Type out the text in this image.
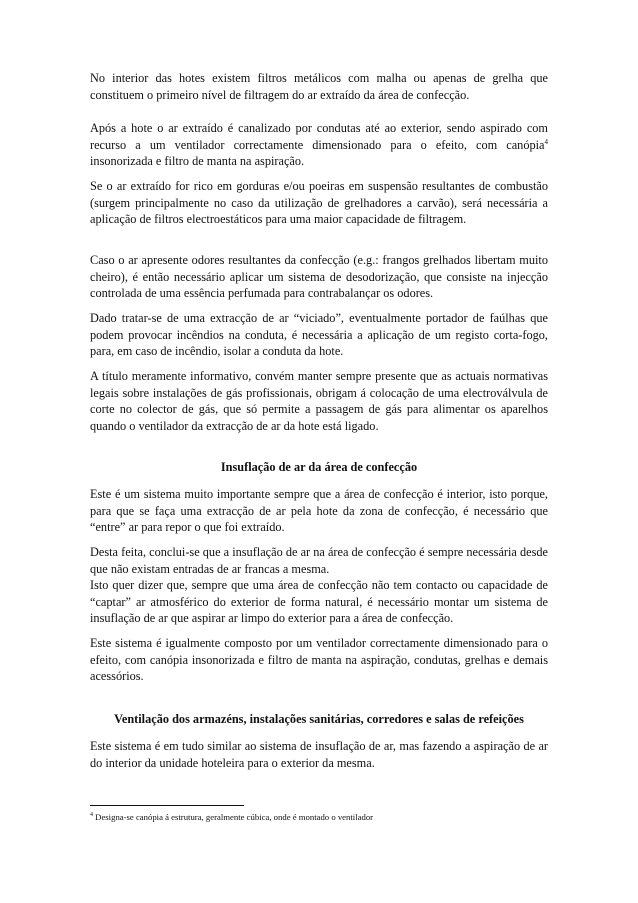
No interior das hotes existem filtros metálicos com malha ou apenas de grelha que constituem o primeiro nível de filtragem do ar extraído da área de confecção.

Após a hote o ar extraído é canalizado por condutas até ao exterior, sendo aspirado com recurso a um ventilador correctamente dimensionado para o efeito, com canópia$^4$ insonorizada e filtro de manta na aspiração.

Se o ar extraído for rico em gorduras e/ou poeiras em suspensão resultantes de combustão (surgem principalmente no caso da utilização de grelhadores a carvão), será necessária a aplicação de filtros electroestáticos para uma maior capacidade de filtragem.

Caso o ar apresente odores resultantes da confecção (e.g.: frangos grelhados libertam muito cheiro), é então necessário aplicar um sistema de desodorização, que consiste na injecção controlada de uma essência perfumada para contrabalançar os odores.

Dado tratar-se de uma extracção de ar “viciado”, eventualmente portador de faúlhas que podem provocar incêndios na conduta, é necessária a aplicação de um registo corta-fogo, para, em caso de incêndio, isolar a conduta da hote.

A título meramente informativo, convém manter sempre presente que as actuais normativas legais sobre instalações de gás profissionais, obrigam á colocação de uma electroválvula de corte no colector de gás, que só permite a passagem de gás para alimentar os aparelhos quando o ventilador da extracção de ar da hote está ligado.

Insuflação de ar da área de confecção

Este é um sistema muito importante sempre que a área de confecção é interior, isto porque, para que se faça uma extracção de ar pela hote da zona de confecção, é necessário que “entre” ar para repor o que foi extraído.

Desta feita, conclui-se que a insuflação de ar na área de confecção é sempre necessária desde que não existam entradas de ar francas a mesma.

Isto quer dizer que, sempre que uma área de confecção não tem contacto ou capacidade de “captar” ar atmosférico do exterior de forma natural, é necessário montar um sistema de insuflação de ar que aspirar ar limpo do exterior para a área de confecção.

Este sistema é igualmente composto por um ventilador correctamente dimensionado para o efeito, com canópia insonorizada e filtro de manta na aspiração, condutas, grelhas e demais acessórios.

Ventilação dos armazéns, instalações sanitárias, corredores e salas de refeições

Este sistema é em tudo similar ao sistema de insuflação de ar, mas fazendo a aspiração de ar do interior da unidade hoteleira para o exterior da mesma.

$^4$ Designa-se canópia á estrutura, geralmente cúbica, onde é montado o ventilador
